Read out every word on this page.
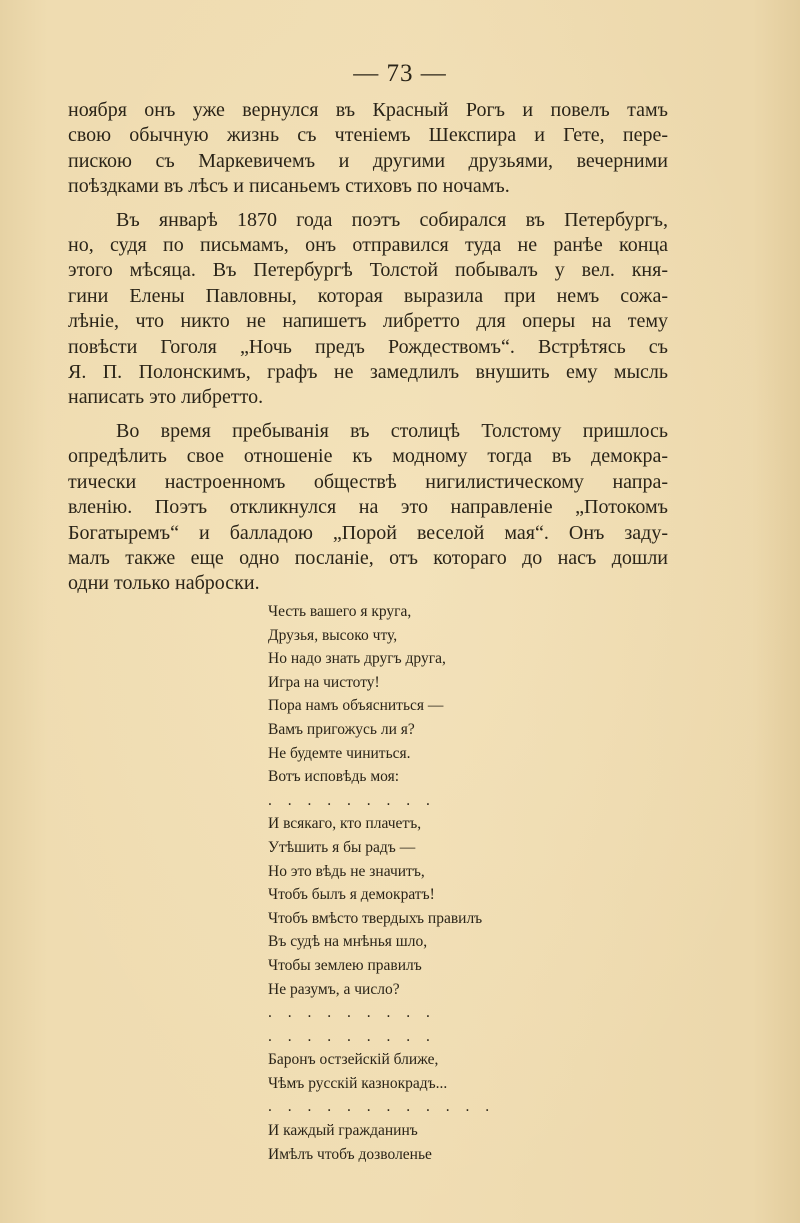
— 73 —
ноября онъ уже вернулся въ Красный Рогъ и повелъ тамъ
свою обычную жизнь съ чтенiемъ Шекспира и Гете, пере-
пискою съ Маркевичемъ и другими друзьями, вечерними
поѣздками въ лѣсъ и писаньемъ стиховъ по ночамъ.
Въ январѣ 1870 года поэтъ собирался въ Петербургъ,
но, судя по письмамъ, онъ отправился туда не ранѣе конца
этого мѣсяца. Въ Петербургѣ Толстой побывалъ у вел. кня-
гини Елены Павловны, которая выразила при немъ сожа-
лѣнiе, что никто не напишетъ либретто для оперы на тему
повѣсти Гоголя „Ночь предъ Рождествомъ“. Встрѣтясь съ
Я. П. Полонскимъ, графъ не замедлилъ внушить ему мысль
написать это либретто.
Во время пребыванiя въ столицѣ Толстому пришлось
опредѣлить свое отношенiе къ модному тогда въ демокра-
тически настроенномъ обществѣ нигилистическому напра-
вленiю. Поэтъ откликнулся на это направленiе „Потокомъ
Богатыремъ“ и балладою „Порой веселой мая“. Онъ заду-
малъ также еще одно посланiе, отъ котораго до насъ дошли
одни только наброски.
Честь вашего я круга,
Друзья, высоко чту,
Но надо знать другъ друга,
Игра на чистоту!
Пора намъ объясниться —
Вамъ пригожусь ли я?
Не будемте чиниться.
Вотъ исповѣдь моя:
. . . . . . . . .
И всякаго, кто плачетъ,
Утѣшить я бы радъ —
Но это вѣдь не значитъ,
Чтобъ былъ я демократъ!
Чтобъ вмѣсто твердыхъ правилъ
Въ судѣ на мнѣнья шло,
Чтобы землею правилъ
Не разумъ, а число?
. . . . . . . . .
. . . . . . . . .
Баронъ остзейскiй ближе,
Чѣмъ русскiй казнокрадъ...
. . . . . . . . . . . .
И каждый гражданинъ
Имѣлъ чтобъ дозволенье
